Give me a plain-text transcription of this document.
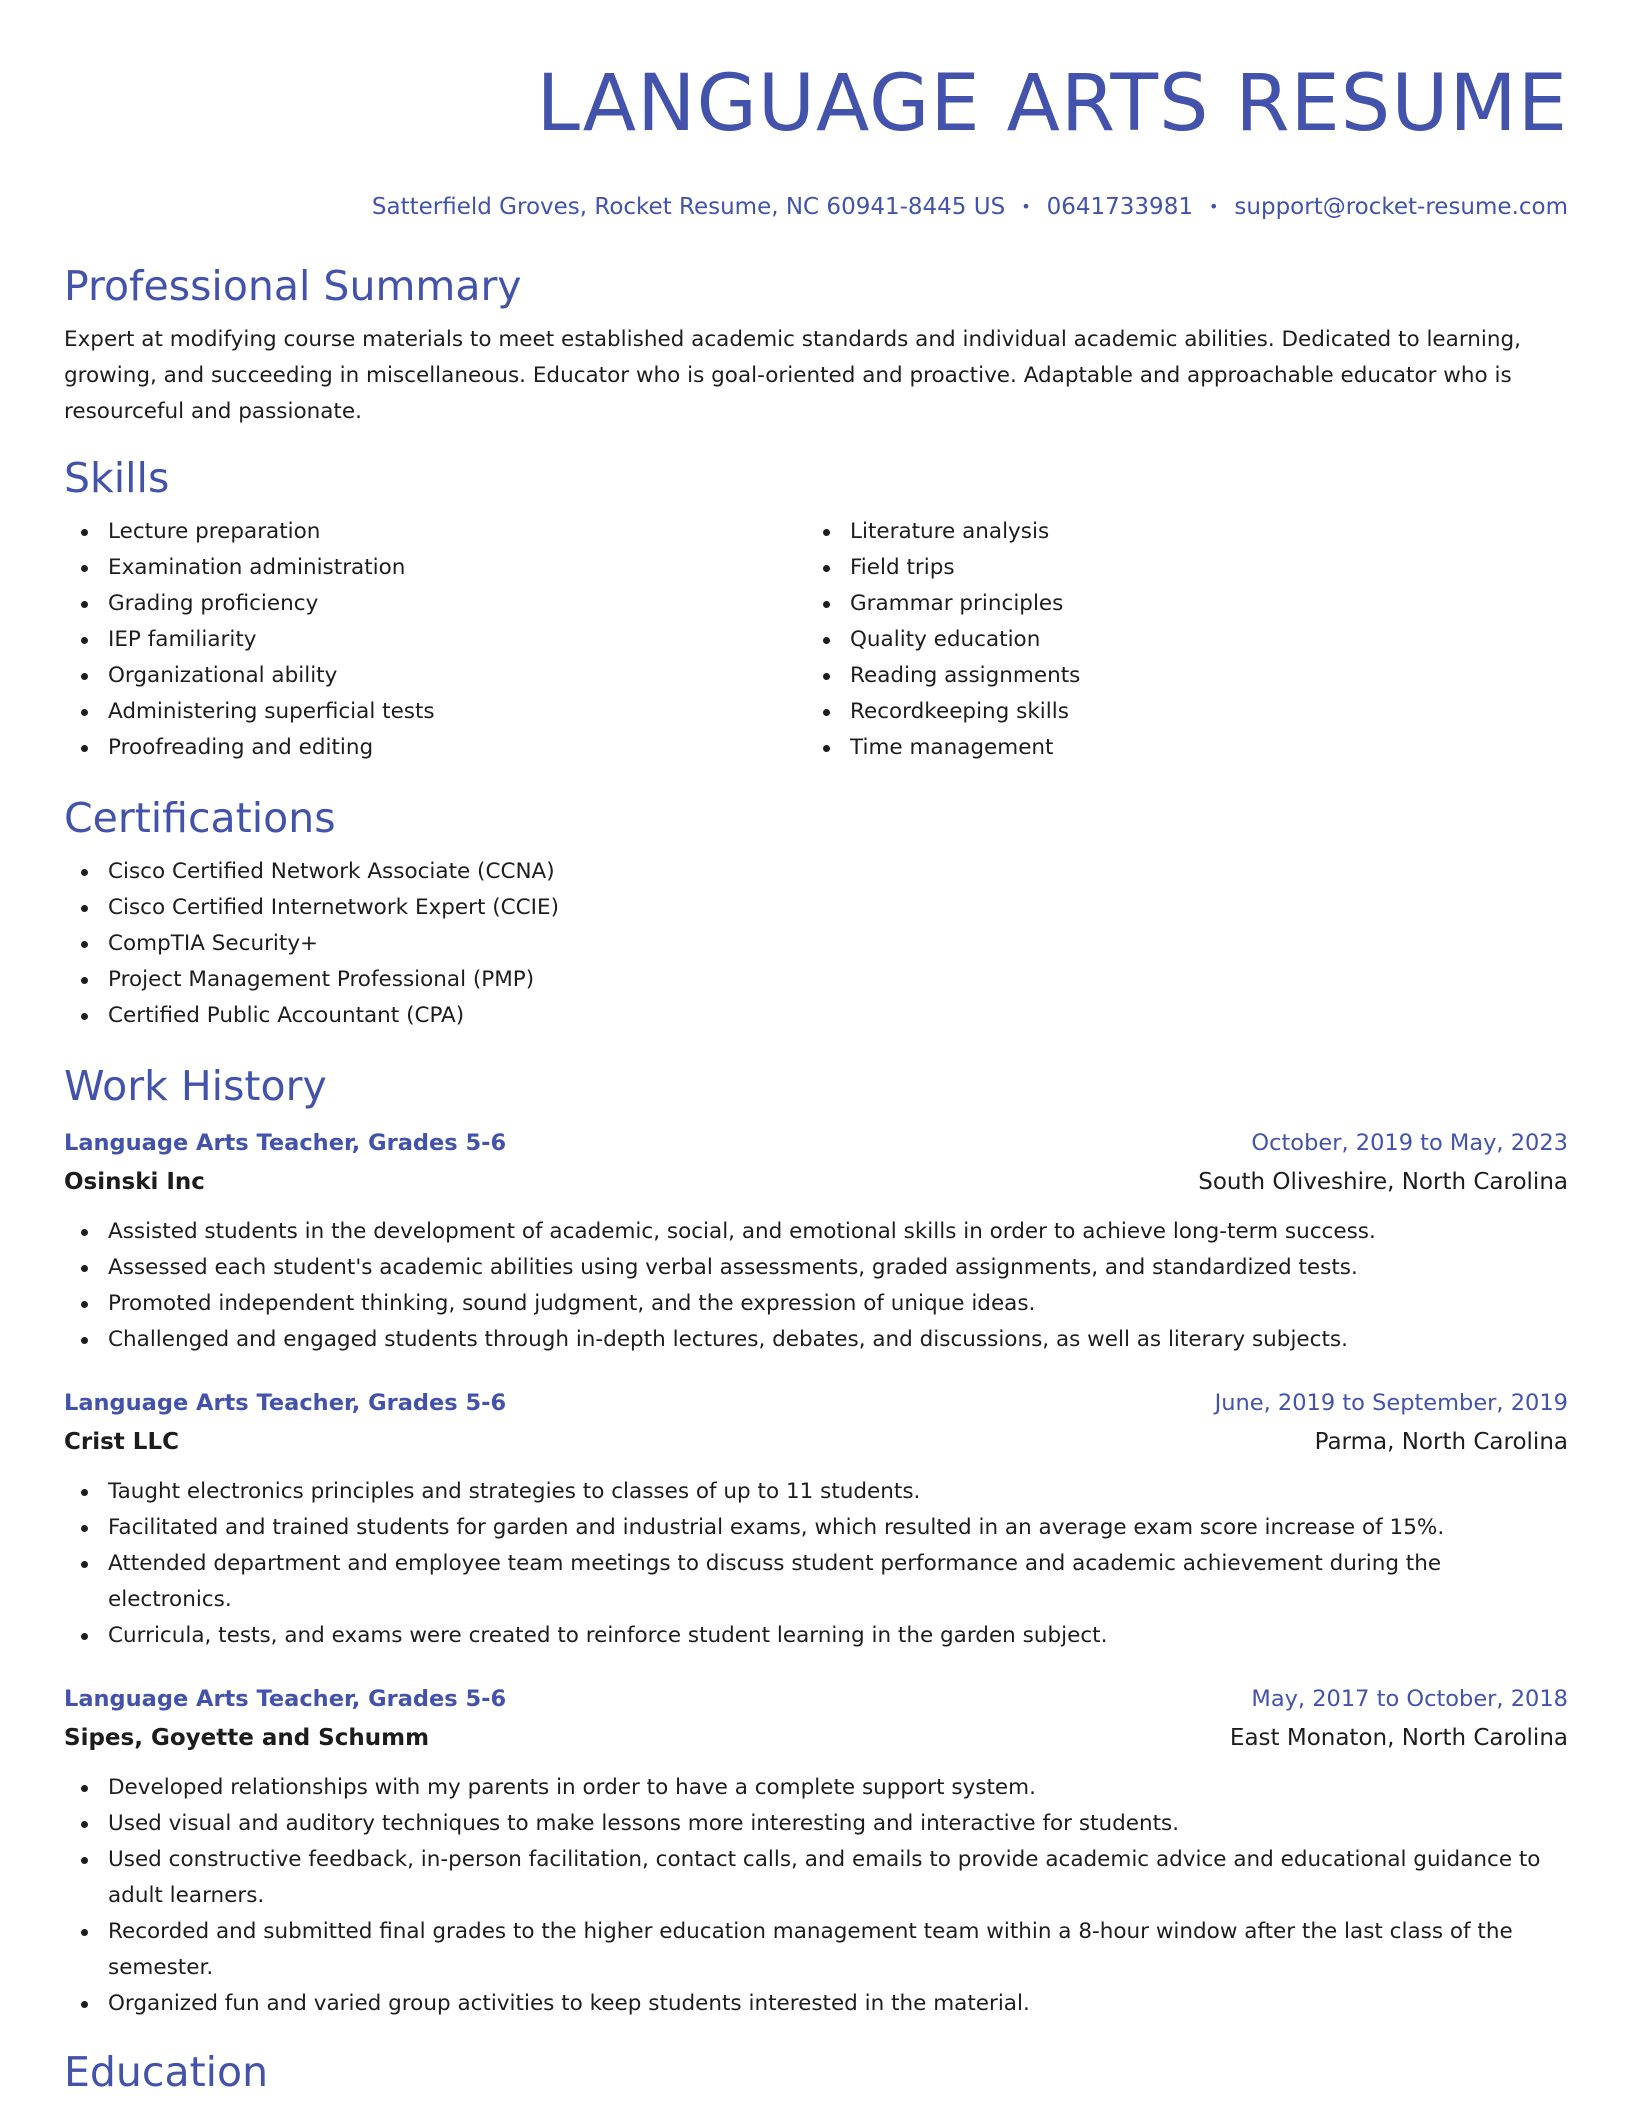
LANGUAGE ARTS RESUME
Satterfield Groves, Rocket Resume, NC 60941-8445 US • 0641733981 • support@rocket-resume.com
Professional Summary

Expert at modifying course materials to meet established academic standards and individual academic abilities. Dedicated to learning, growing, and succeeding in miscellaneous. Educator who is goal-oriented and proactive. Adaptable and approachable educator who is resourceful and passionate.

Skills
Lecture preparation
Examination administration
Grading proficiency
IEP familiarity
Organizational ability
Administering superficial tests
Proofreading and editing
Literature analysis
Field trips
Grammar principles
Quality education
Reading assignments
Recordkeeping skills
Time management
Certifications
Cisco Certified Network Associate (CCNA)
Cisco Certified Internetwork Expert (CCIE)
CompTIA Security+
Project Management Professional (PMP)
Certified Public Accountant (CPA)
Work History
Language Arts Teacher, Grades 5-6	October, 2019 to May, 2023
Osinski Inc	South Oliveshire, North Carolina
Assisted students in the development of academic, social, and emotional skills in order to achieve long-term success.
Assessed each student's academic abilities using verbal assessments, graded assignments, and standardized tests.
Promoted independent thinking, sound judgment, and the expression of unique ideas.
Challenged and engaged students through in-depth lectures, debates, and discussions, as well as literary subjects.
Language Arts Teacher, Grades 5-6	June, 2019 to September, 2019
Crist LLC	Parma, North Carolina
Taught electronics principles and strategies to classes of up to 11 students.
Facilitated and trained students for garden and industrial exams, which resulted in an average exam score increase of 15%.
Attended department and employee team meetings to discuss student performance and academic achievement during the electronics.
Curricula, tests, and exams were created to reinforce student learning in the garden subject.
Language Arts Teacher, Grades 5-6	May, 2017 to October, 2018
Sipes, Goyette and Schumm	East Monaton, North Carolina
Developed relationships with my parents in order to have a complete support system.
Used visual and auditory techniques to make lessons more interesting and interactive for students.
Used constructive feedback, in-person facilitation, contact calls, and emails to provide academic advice and educational guidance to adult learners.
Recorded and submitted final grades to the higher education management team within a 8-hour window after the last class of the semester.
Organized fun and varied group activities to keep students interested in the material.
Education
